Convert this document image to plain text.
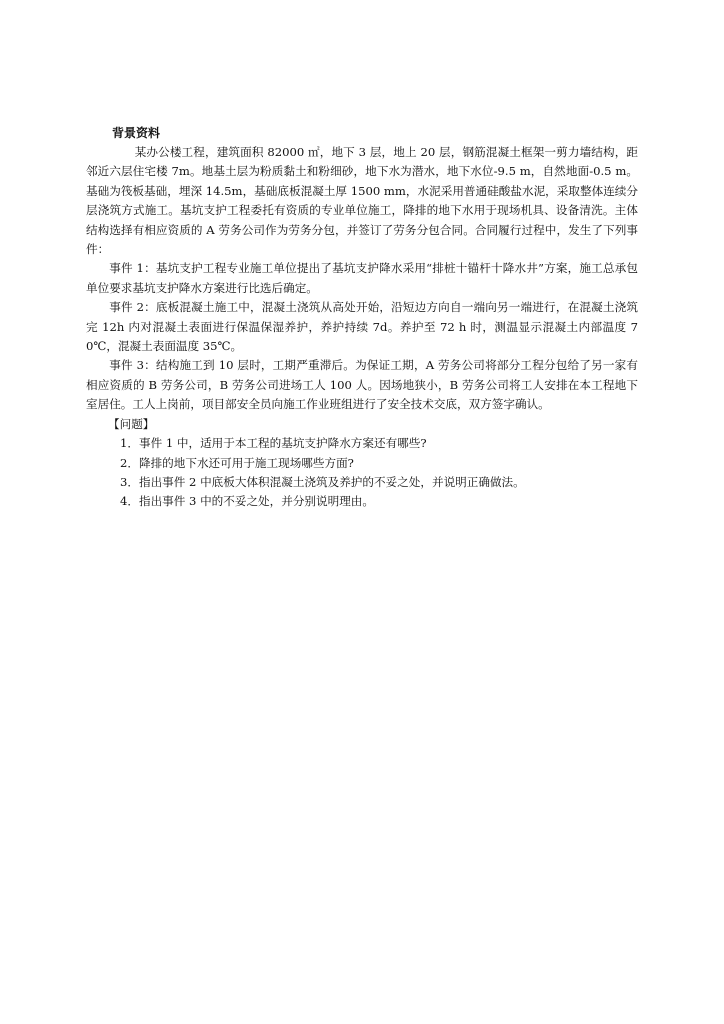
背景资料

某办公楼工程，建筑面积 82000 ㎡，地下 3 层，地上 20 层，钢筋混凝土框架一剪力墙结构，距邻近六层住宅楼 7m。地基土层为粉质黏土和粉细砂，地下水为潜水，地下水位-9.5 m，自然地面-0.5 m。基础为筏板基础，埋深 14.5m，基础底板混凝土厚 1500 mm，水泥采用普通硅酸盐水泥，采取整体连续分层浇筑方式施工。基坑支护工程委托有资质的专业单位施工，降排的地下水用于现场机具、设备清洗。主体结构选择有相应资质的 A 劳务公司作为劳务分包，并签订了劳务分包合同。合同履行过程中，发生了下列事件：

事件 1：基坑支护工程专业施工单位提出了基坑支护降水采用“排桩十锚杆十降水井”方案，施工总承包单位要求基坑支护降水方案进行比选后确定。

事件 2：底板混凝土施工中，混凝土浇筑从高处开始，沿短边方向自一端向另一端进行，在混凝土浇筑完 12h 内对混凝土表面进行保温保湿养护，养护持续 7d。养护至 72 h 时，测温显示混凝土内部温度 70℃，混凝土表面温度 35℃。

事件 3：结构施工到 10 层时，工期严重滞后。为保证工期，A 劳务公司将部分工程分包给了另一家有相应资质的 B 劳务公司，B 劳务公司进场工人 100 人。因场地狭小，B 劳务公司将工人安排在本工程地下室居住。工人上岗前，项目部安全员向施工作业班组进行了安全技术交底，双方签字确认。

【问题】

1．事件 1 中，适用于本工程的基坑支护降水方案还有哪些?

2．降排的地下水还可用于施工现场哪些方面?

3．指出事件 2 中底板大体积混凝土浇筑及养护的不妥之处，并说明正确做法。

4．指出事件 3 中的不妥之处，并分别说明理由。
